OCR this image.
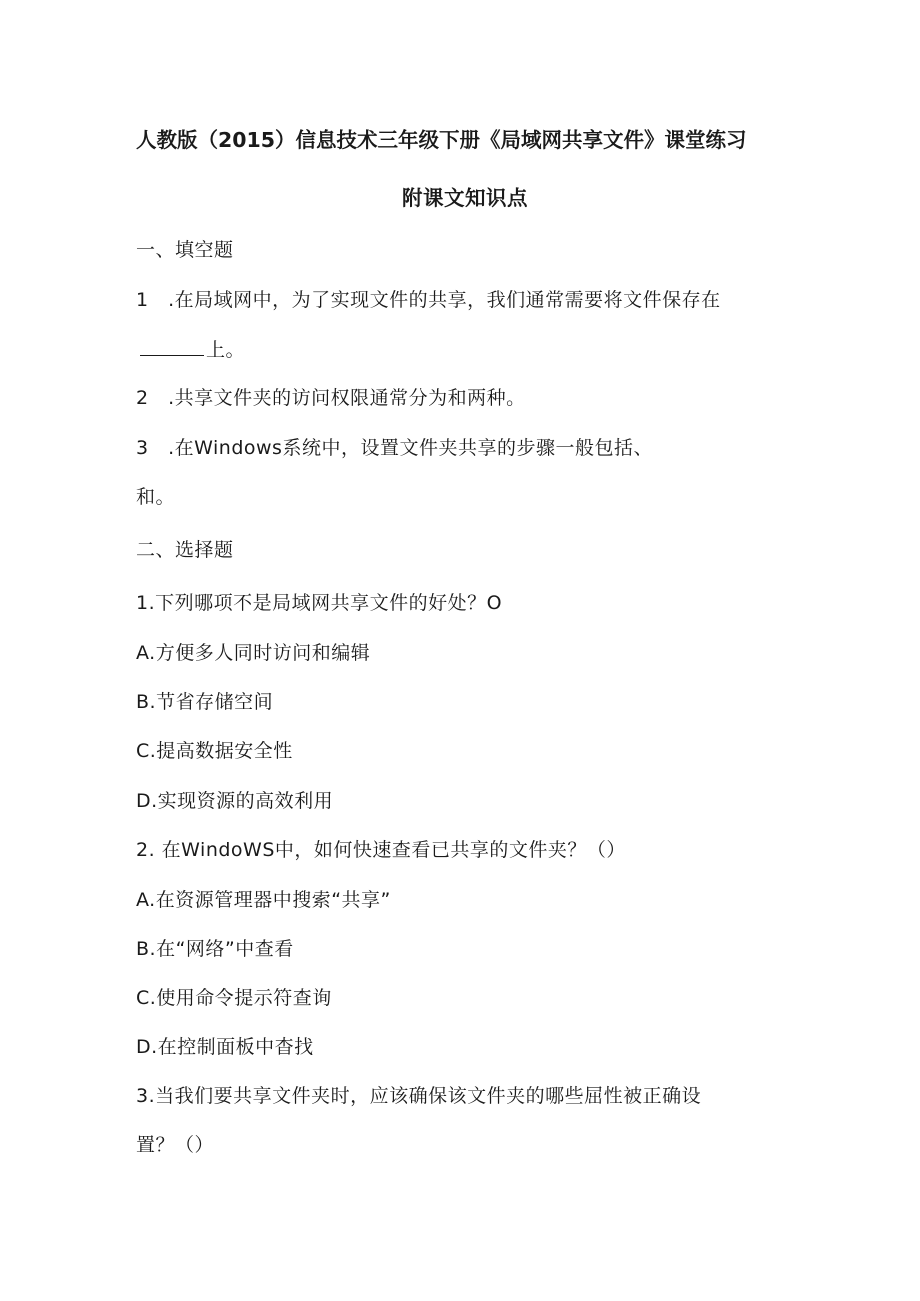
人教版（2015）信息技术三年级下册《局域网共享文件》课堂练习
附课文知识点
一、填空题
1　.在局域网中，为了实现文件的共享，我们通常需要将文件保存在
上。
2　.共享文件夹的访问权限通常分为和两种。
3　.在Windows系统中，设置文件夹共享的步骤一般包括、
和。
二、选择题
1.下列哪项不是局域网共享文件的好处？O
A.方便多人同时访问和编辑
B.节省存储空间
C.提高数据安全性
D.实现资源的高效利用
2. 在WindoWS中，如何快速查看已共享的文件夹？（）
A.在资源管理器中搜索“共享”
B.在“网络”中查看
C.使用命令提示符查询
D.在控制面板中杳找
3.当我们要共享文件夹时，应该确保该文件夹的哪些屈性被正确设
置？（）
